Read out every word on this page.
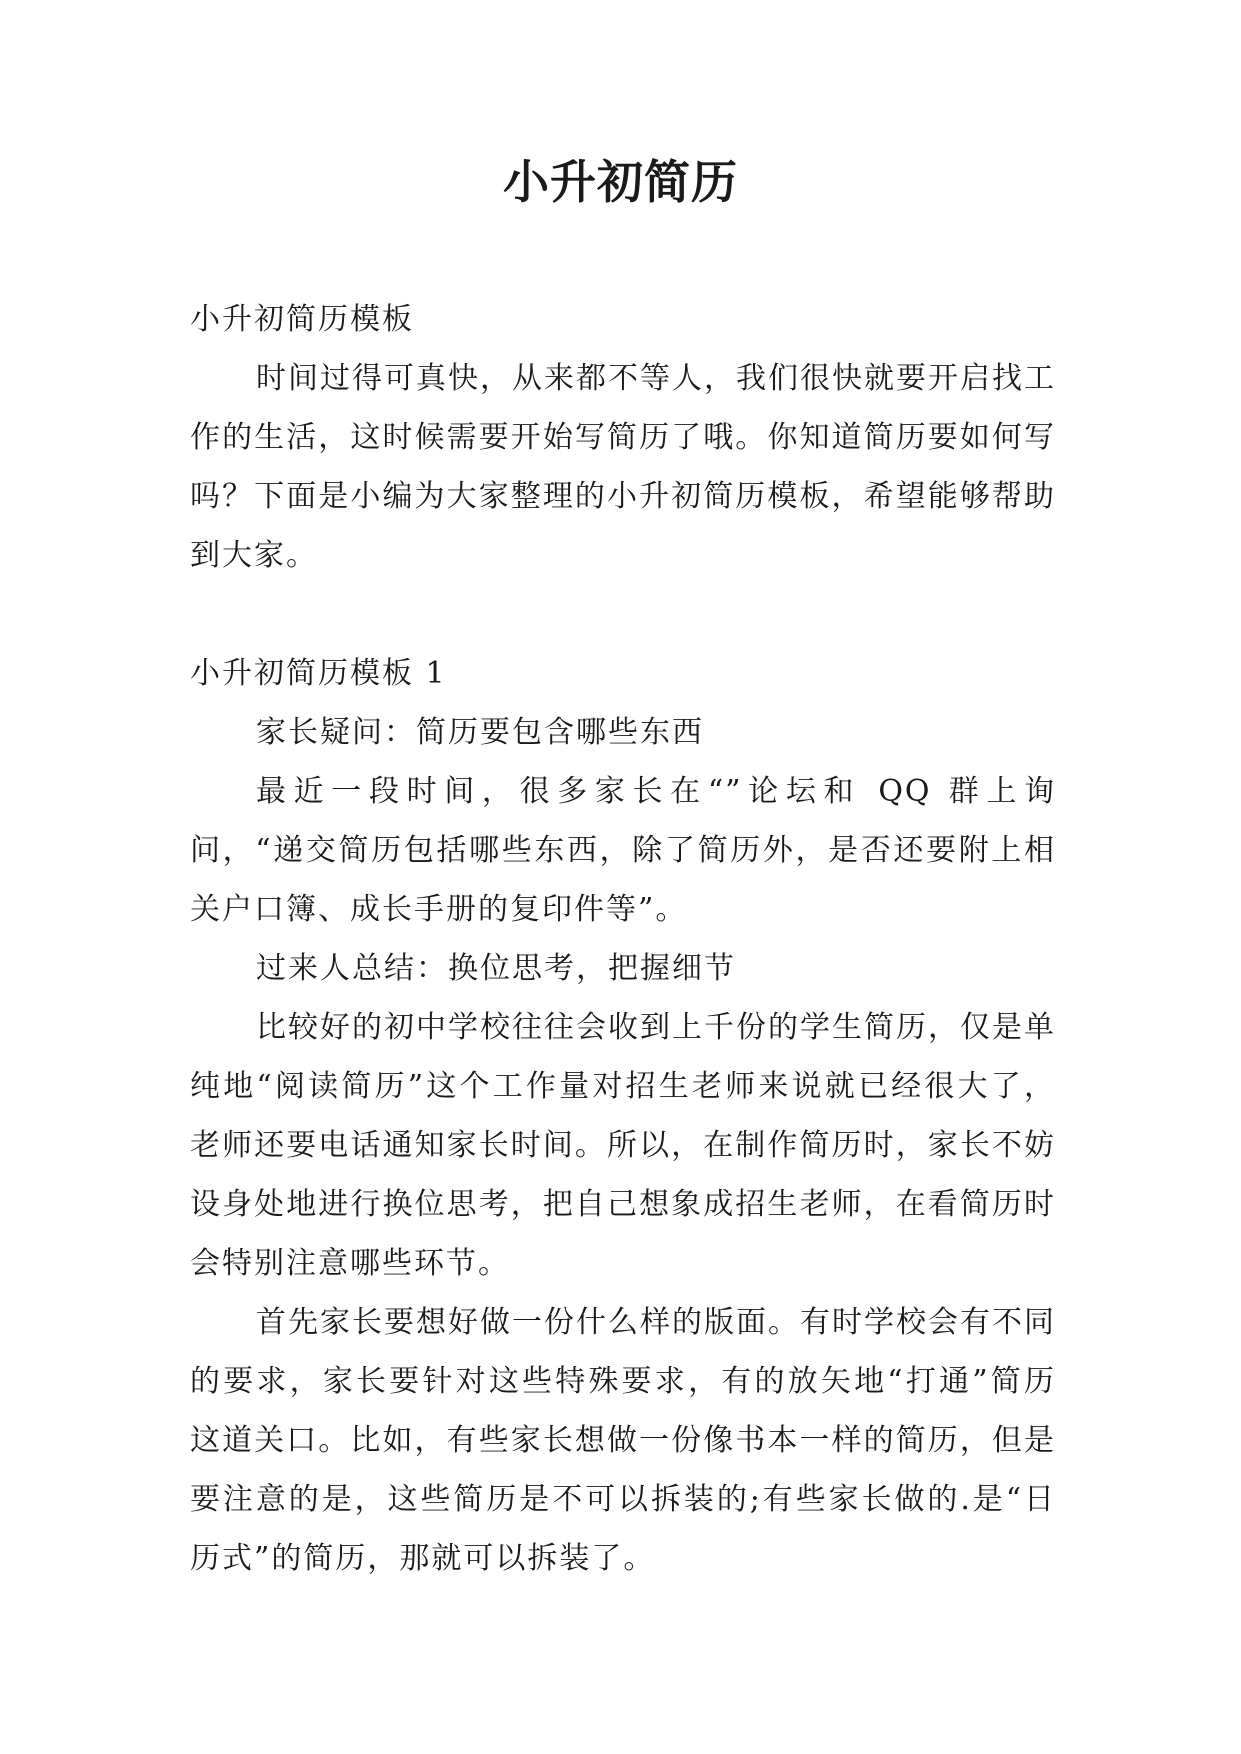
小升初简历

小升初简历模板

时间过得可真快，从来都不等人，我们很快就要开启找工作的生活，这时候需要开始写简历了哦。你知道简历要如何写吗？下面是小编为大家整理的小升初简历模板，希望能够帮助到大家。

小升初简历模板 1

家长疑问：简历要包含哪些东西

最近一段时间，很多家长在“”论坛和 QQ 群上询问，“递交简历包括哪些东西，除了简历外，是否还要附上相关户口簿、成长手册的复印件等”。

过来人总结：换位思考，把握细节

比较好的初中学校往往会收到上千份的学生简历，仅是单纯地“阅读简历”这个工作量对招生老师来说就已经很大了，老师还要电话通知家长时间。所以，在制作简历时，家长不妨设身处地进行换位思考，把自己想象成招生老师，在看简历时会特别注意哪些环节。

首先家长要想好做一份什么样的版面。有时学校会有不同的要求，家长要针对这些特殊要求，有的放矢地“打通”简历这道关口。比如，有些家长想做一份像书本一样的简历，但是要注意的是，这些简历是不可以拆装的;有些家长做的.是“日历式”的简历，那就可以拆装了。
